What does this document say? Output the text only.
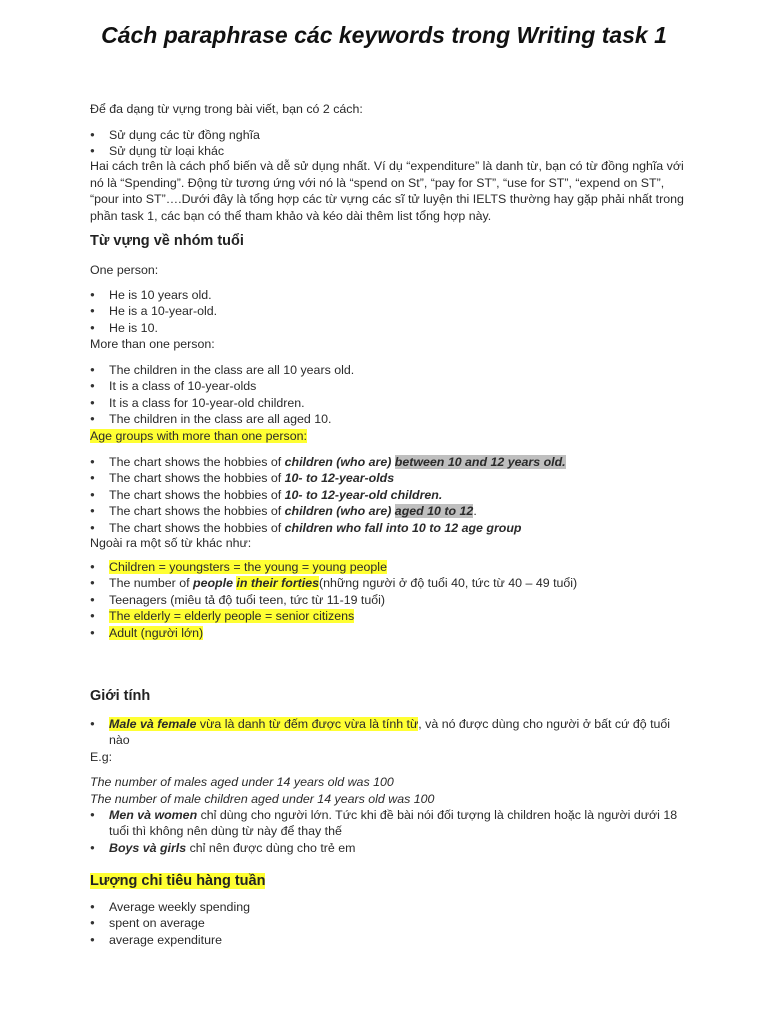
Cách paraphrase các keywords trong Writing task 1

Để đa dạng từ vựng trong bài viết, bạn có 2 cách:

● Sử dụng các từ đồng nghĩa
● Sử dụng từ loại khác

Hai cách trên là cách phổ biến và dễ sử dụng nhất. Ví dụ “expenditure” là danh từ, bạn có từ đồng nghĩa với nó là “Spending”. Động từ tương ứng với nó là “spend on St”, “pay for ST”, “use for ST”, “expend on ST”, “pour into ST”….Dưới đây là tổng hợp các từ vựng các sĩ tử luyện thi IELTS thường hay gặp phải nhất trong phần task 1, các bạn có thể tham khảo và kéo dài thêm list tổng hợp này.

Từ vựng về nhóm tuổi

One person:

● He is 10 years old.
● He is a 10-year-old.
● He is 10.

More than one person:

● The children in the class are all 10 years old.
● It is a class of 10-year-olds
● It is a class for 10-year-old children.
● The children in the class are all aged 10.

Age groups with more than one person:

● The chart shows the hobbies of children (who are) between 10 and 12 years old.
● The chart shows the hobbies of 10- to 12-year-olds
● The chart shows the hobbies of 10- to 12-year-old children.
● The chart shows the hobbies of children (who are) aged 10 to 12.
● The chart shows the hobbies of children who fall into 10 to 12 age group

Ngoài ra một số từ khác như:

● Children = youngsters = the young = young people
● The number of people in their forties(những người ở độ tuổi 40, tức từ 40 – 49 tuổi)
● Teenagers (miêu tả độ tuổi teen, tức từ 11-19 tuổi)
● The elderly = elderly people = senior citizens
● Adult (người lớn)
Giới tính
● Male và female vừa là danh từ đếm được vừa là tính từ, và nó được dùng cho người ở bất cứ độ tuổi nào

E.g:

The number of males aged under 14 years old was 100

The number of male children aged under 14 years old was 100

● Men và women chỉ dùng cho người lớn. Tức khi đề bài nói đối tượng là children hoặc là người dưới 18 tuổi thì không nên dùng từ này để thay thế
● Boys và girls chỉ nên được dùng cho trẻ em
Lượng chi tiêu hàng tuần
● Average weekly spending
● spent on average
● average expenditure
